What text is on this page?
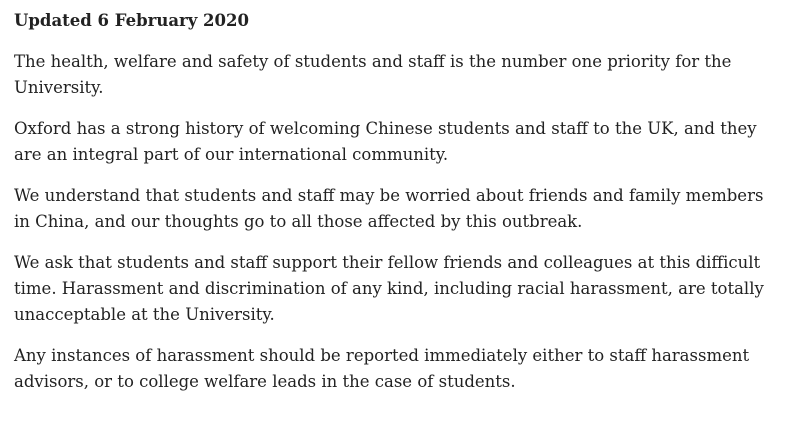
Updated 6 February 2020

The health, welfare and safety of students and staff is the number one priority for the University.

Oxford has a strong history of welcoming Chinese students and staff to the UK, and they are an integral part of our international community.

We understand that students and staff may be worried about friends and family members in China, and our thoughts go to all those affected by this outbreak.

We ask that students and staff support their fellow friends and colleagues at this difficult time. Harassment and discrimination of any kind, including racial harassment, are totally unacceptable at the University.

Any instances of harassment should be reported immediately either to staff harassment advisors, or to college welfare leads in the case of students.
